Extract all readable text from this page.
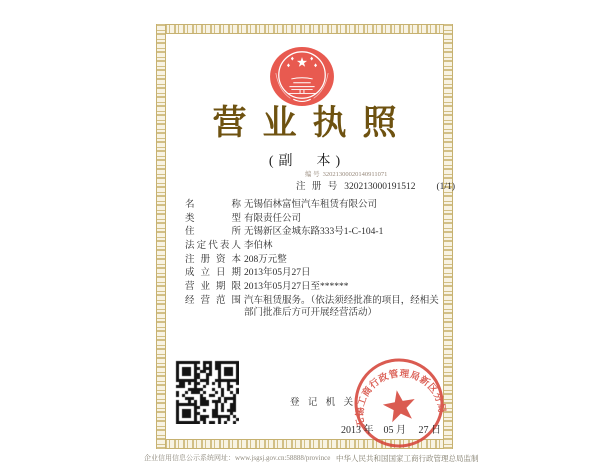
营业执照
(副　本)
编 号 32021300020140911071
注 册 号 320213000191512 (1/1)
名称 无锡佰林富恒汽车租赁有限公司
类型 有限责任公司
住所 无锡新区金城东路333号1-C-104-1
法定代表人 李伯林
注册资本 208万元整
成立日期 2013年05月27日
营业期限 2013年05月27日至******
经营范围 汽车租赁服务。（依法须经批准的项目，经相关部门批准后方可开展经营活动）
登 记 机 关
无锡工商行政管理局新区分局
2013 年　05 月　 27 日
企业信用信息公示系统网址：www.jsgsj.gov.cn:58888/province 中华人民共和国国家工商行政管理总局监制
